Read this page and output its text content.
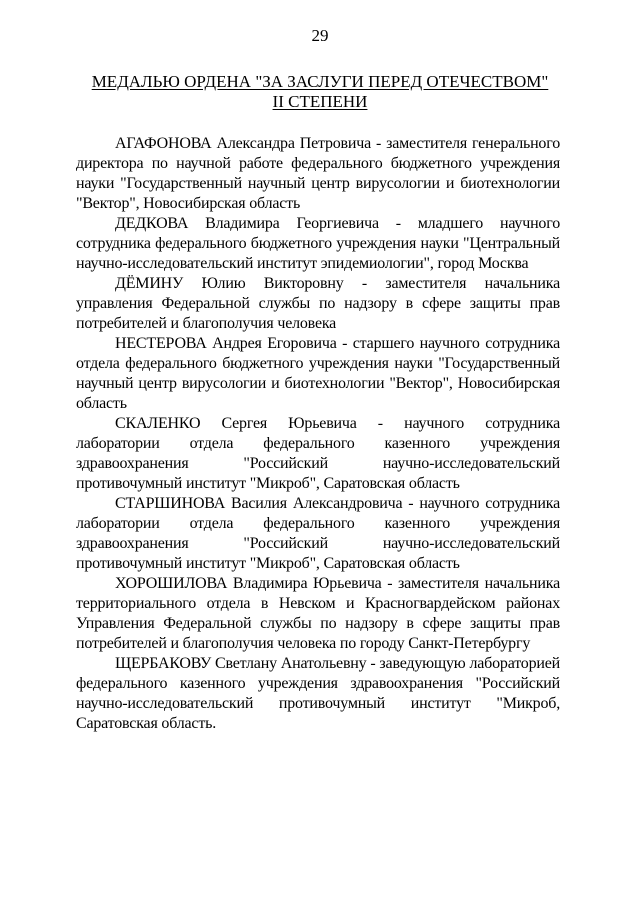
29
МЕДАЛЬЮ ОРДЕНА "ЗА ЗАСЛУГИ ПЕРЕД ОТЕЧЕСТВОМ"
II СТЕПЕНИ

АГАФОНОВА Александра Петровича - заместителя генерального директора по научной работе федерального бюджетного учреждения науки "Государственный научный центр вирусологии и биотехнологии "Вектор", Новосибирская область

ДЕДКОВА Владимира Георгиевича - младшего научного сотрудника федерального бюджетного учреждения науки "Центральный научно-исследовательский институт эпидемиологии", город Москва

ДЁМИНУ Юлию Викторовну - заместителя начальника управления Федеральной службы по надзору в сфере защиты прав потребителей и благополучия человека

НЕСТЕРОВА Андрея Егоровича - старшего научного сотрудника отдела федерального бюджетного учреждения науки "Государственный научный центр вирусологии и биотехнологии "Вектор", Новосибирская область

СКАЛЕНКО Сергея Юрьевича - научного сотрудника лаборатории отдела федерального казенного учреждения здравоохранения "Российский научно-исследовательский противочумный институт "Микроб", Саратовская область

СТАРШИНОВА Василия Александровича - научного сотрудника лаборатории отдела федерального казенного учреждения здравоохранения "Российский научно-исследовательский противочумный институт "Микроб", Саратовская область

ХОРОШИЛОВА Владимира Юрьевича - заместителя начальника территориального отдела в Невском и Красногвардейском районах Управления Федеральной службы по надзору в сфере защиты прав потребителей и благополучия человека по городу Санкт-Петербургу

ЩЕРБАКОВУ Светлану Анатольевну - заведующую лабораторией федерального казенного учреждения здравоохранения "Российский научно-исследовательский противочумный институт "Микроб, Саратовская область.
